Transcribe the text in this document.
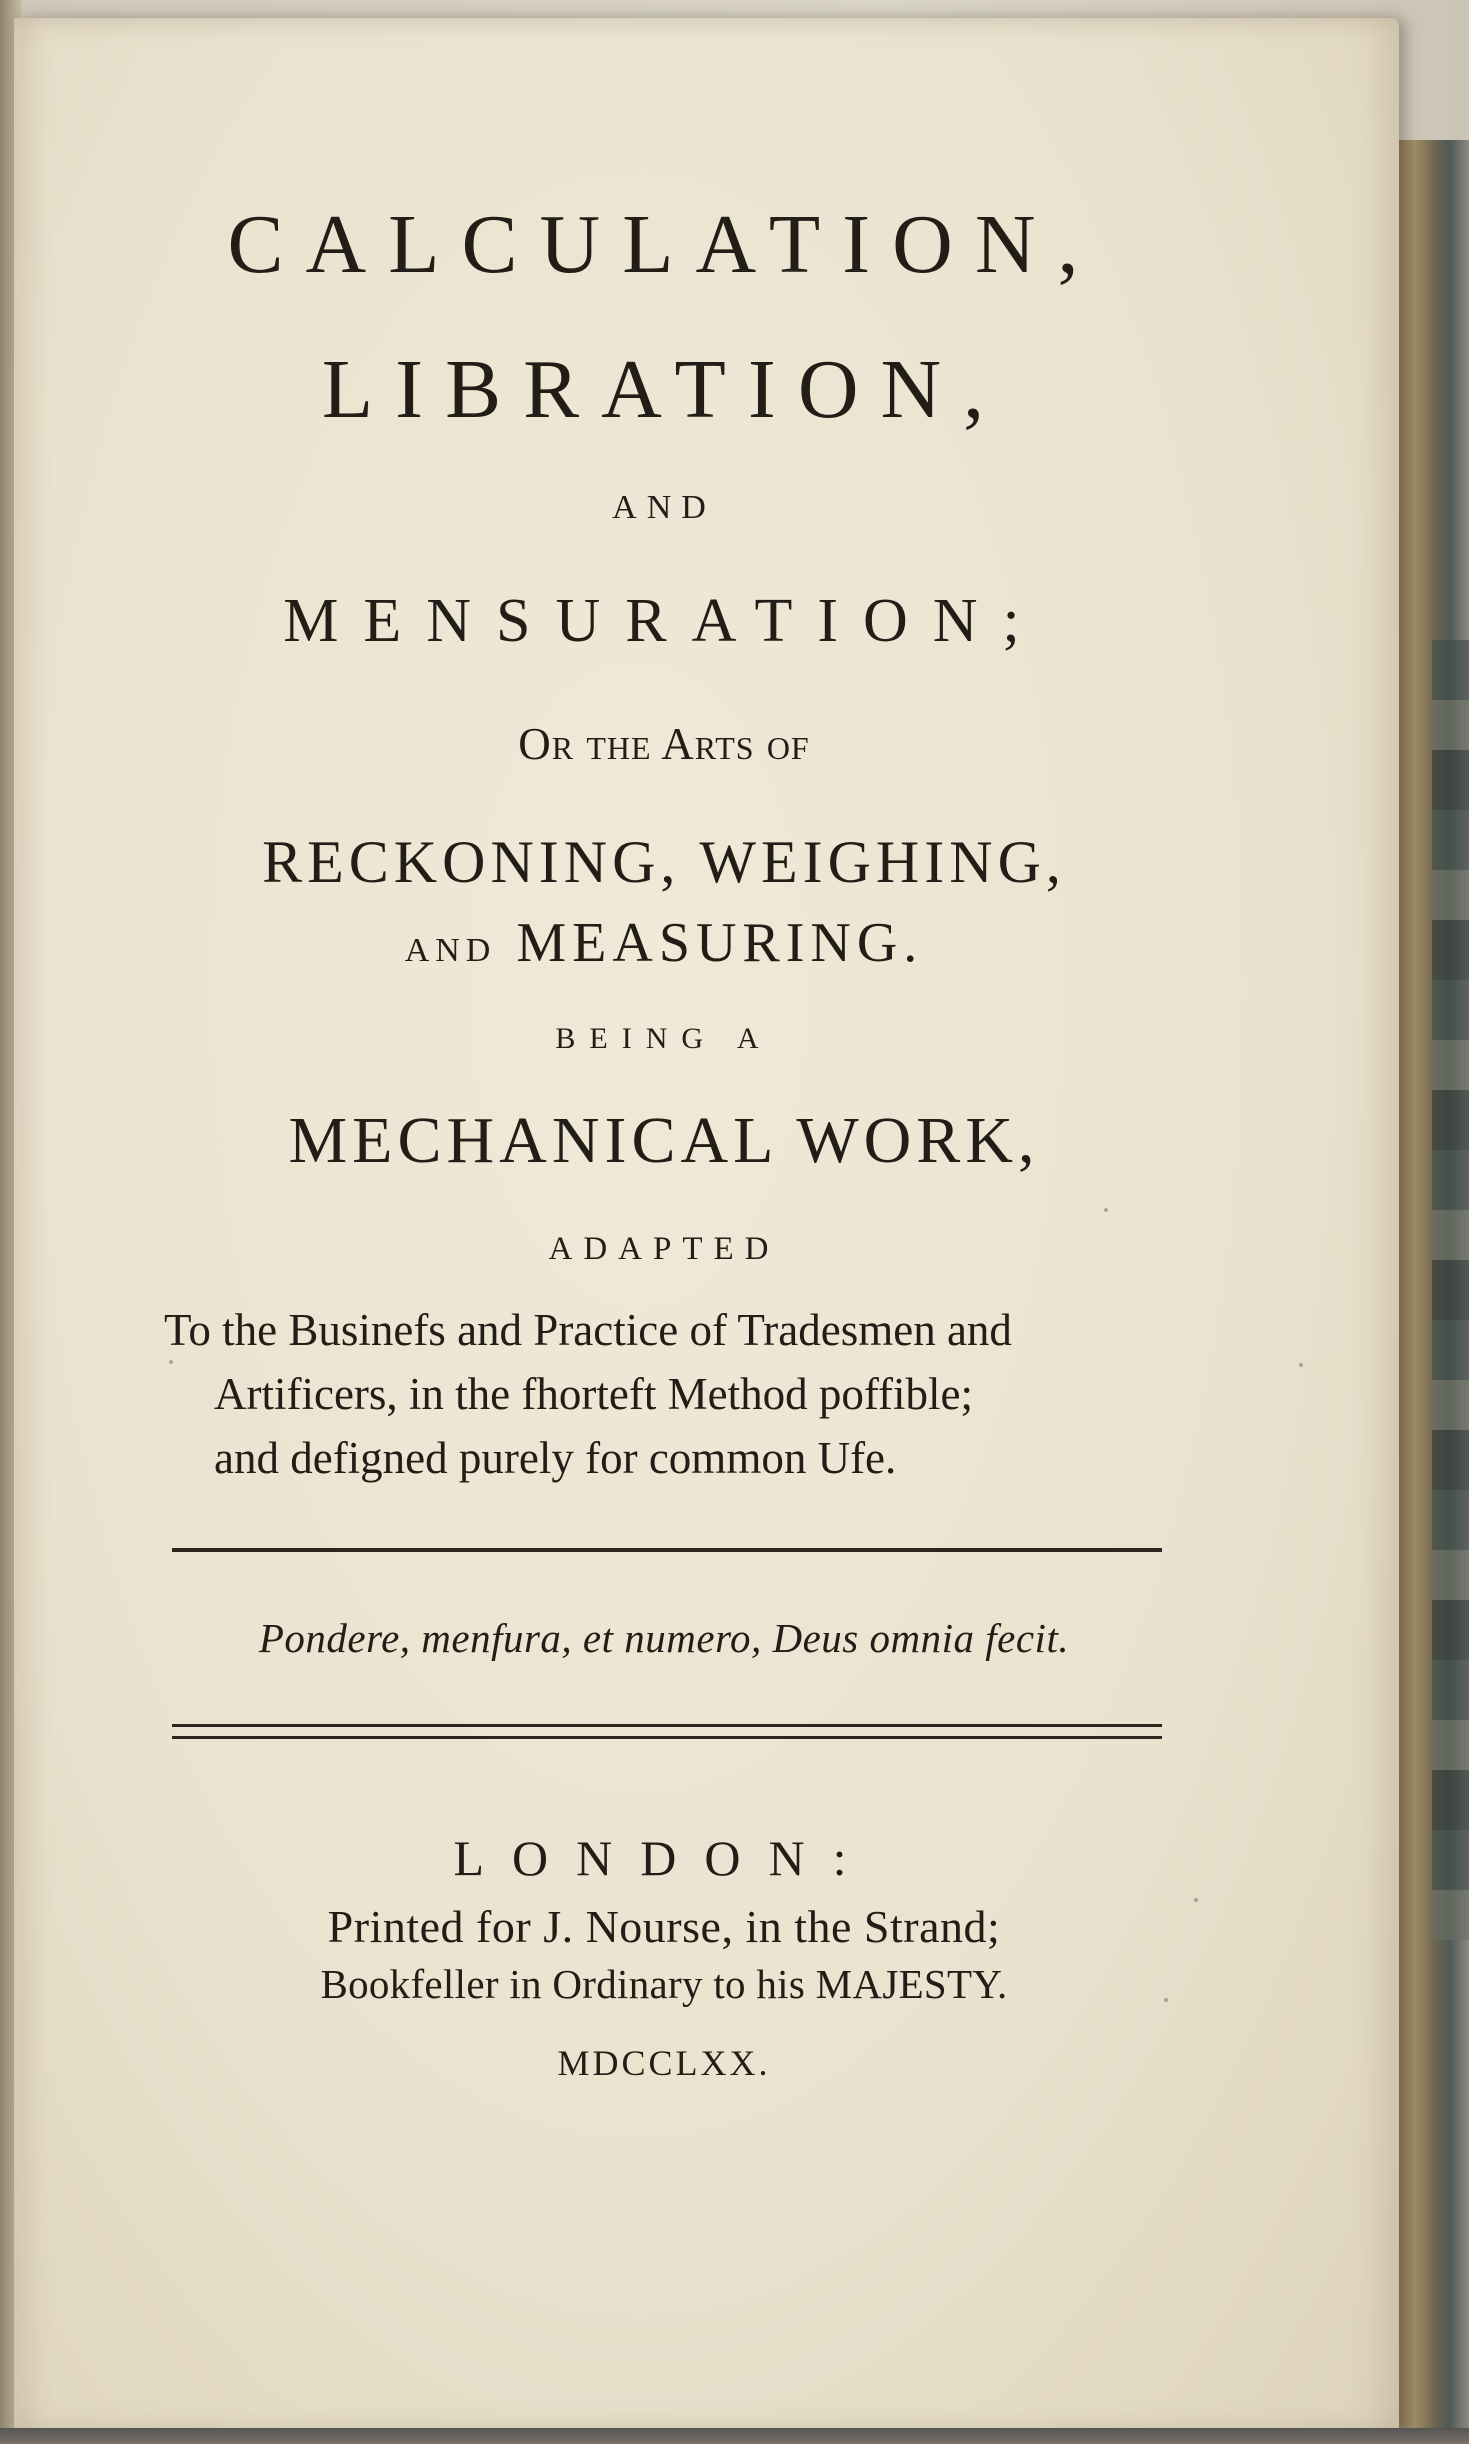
CALCULATION,
LIBRATION,
AND
MENSURATION;
Or the Arts of
RECKONING, WEIGHING,
AND MEASURING.
BEING A
MECHANICAL WORK,
ADAPTED
To the Businefs and Practice of Tradesmen and
Artificers, in the fhorteft Method poffible;
and defigned purely for common Ufe.
Pondere, menfura, et numero, Deus omnia fecit.
LONDON:
Printed for J. Nourse, in the Strand;
Bookfeller in Ordinary to his MAJESTY.
MDCCLXX.
